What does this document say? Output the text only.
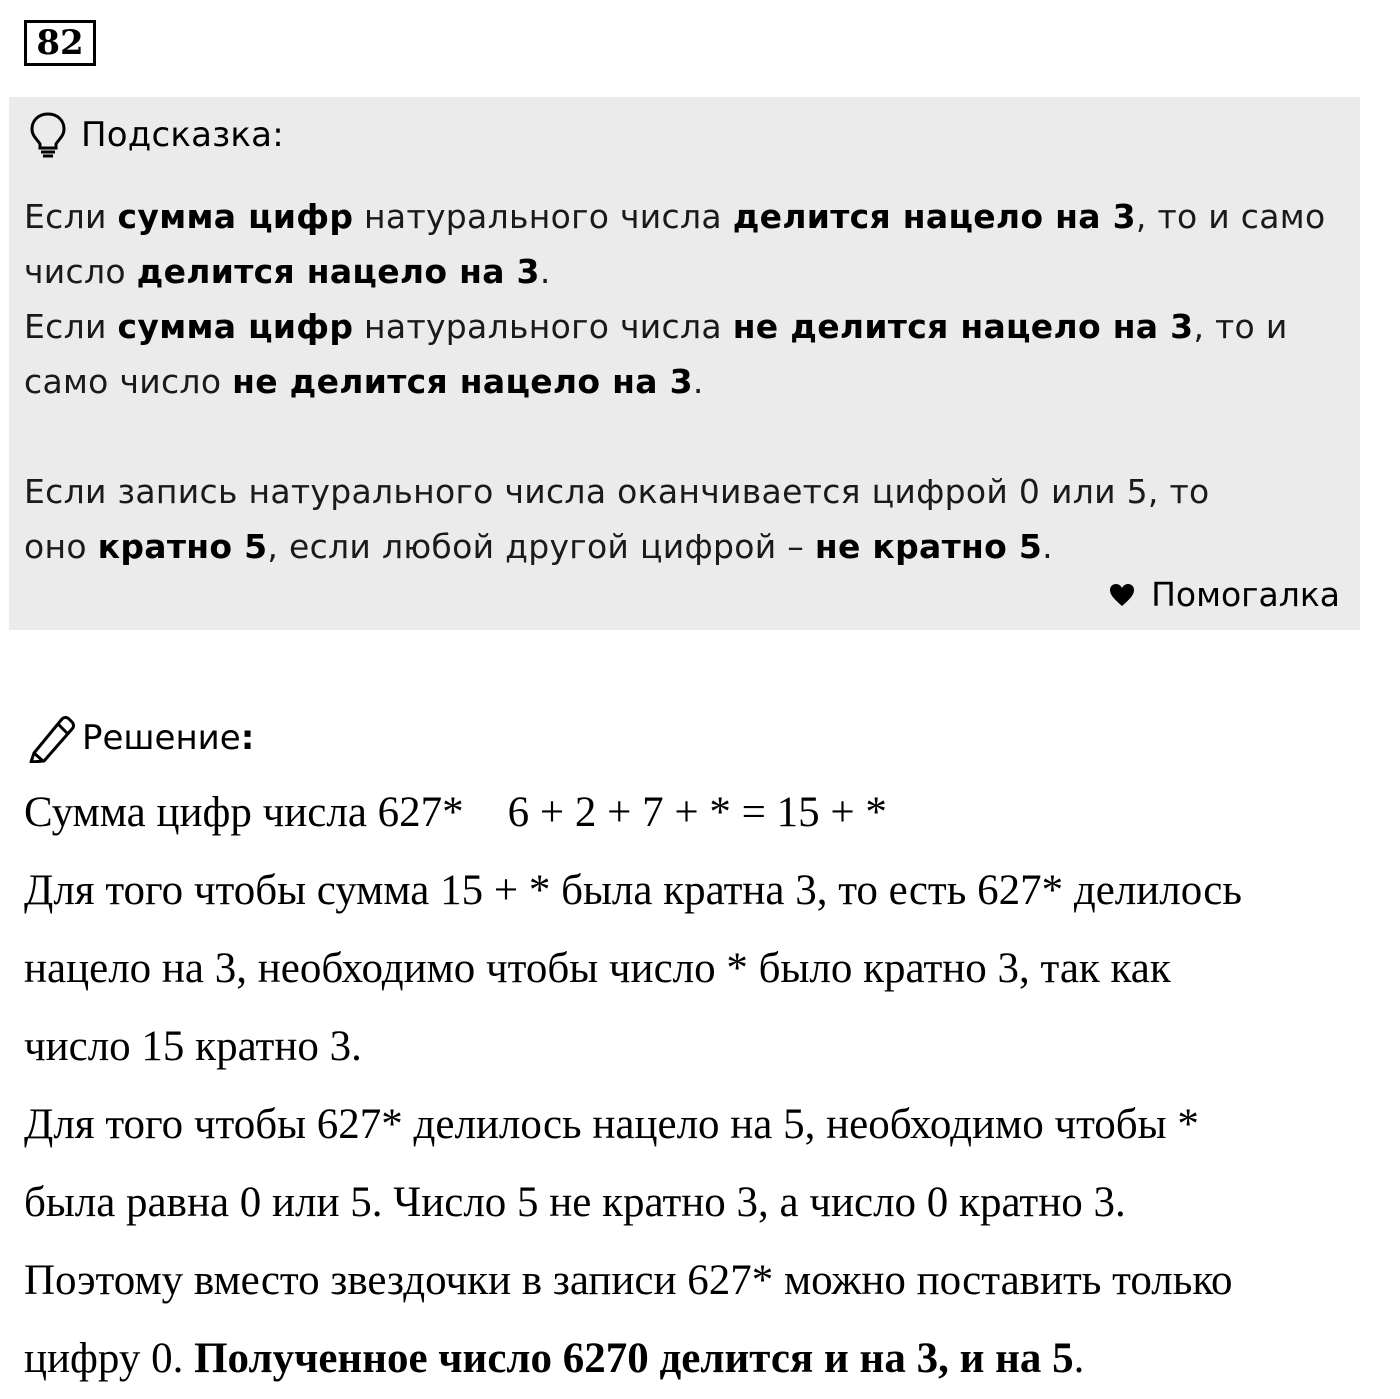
82
Подсказка:

Если сумма цифр натурального числа делится нацело на 3, то и само
число делится нацело на 3.

Если сумма цифр натурального числа не делится нацело на 3, то и
само число не делится нацело на 3.

Если запись натурального числа оканчивается цифрой 0 или 5, то
оно кратно 5, если любой другой цифрой – не кратно 5.

Помогалка
Решение:

Сумма цифр числа 627* 6 + 2 + 7 + * = 15 + *

Для того чтобы сумма 15 + * была кратна 3, то есть 627* делилось

нацело на 3, необходимо чтобы число * было кратно 3, так как

число 15 кратно 3.

Для того чтобы 627* делилось нацело на 5, необходимо чтобы *

была равна 0 или 5. Число 5 не кратно 3, а число 0 кратно 3.

Поэтому вместо звездочки в записи 627* можно поставить только

цифру 0. Полученное число 6270 делится и на 3, и на 5.
